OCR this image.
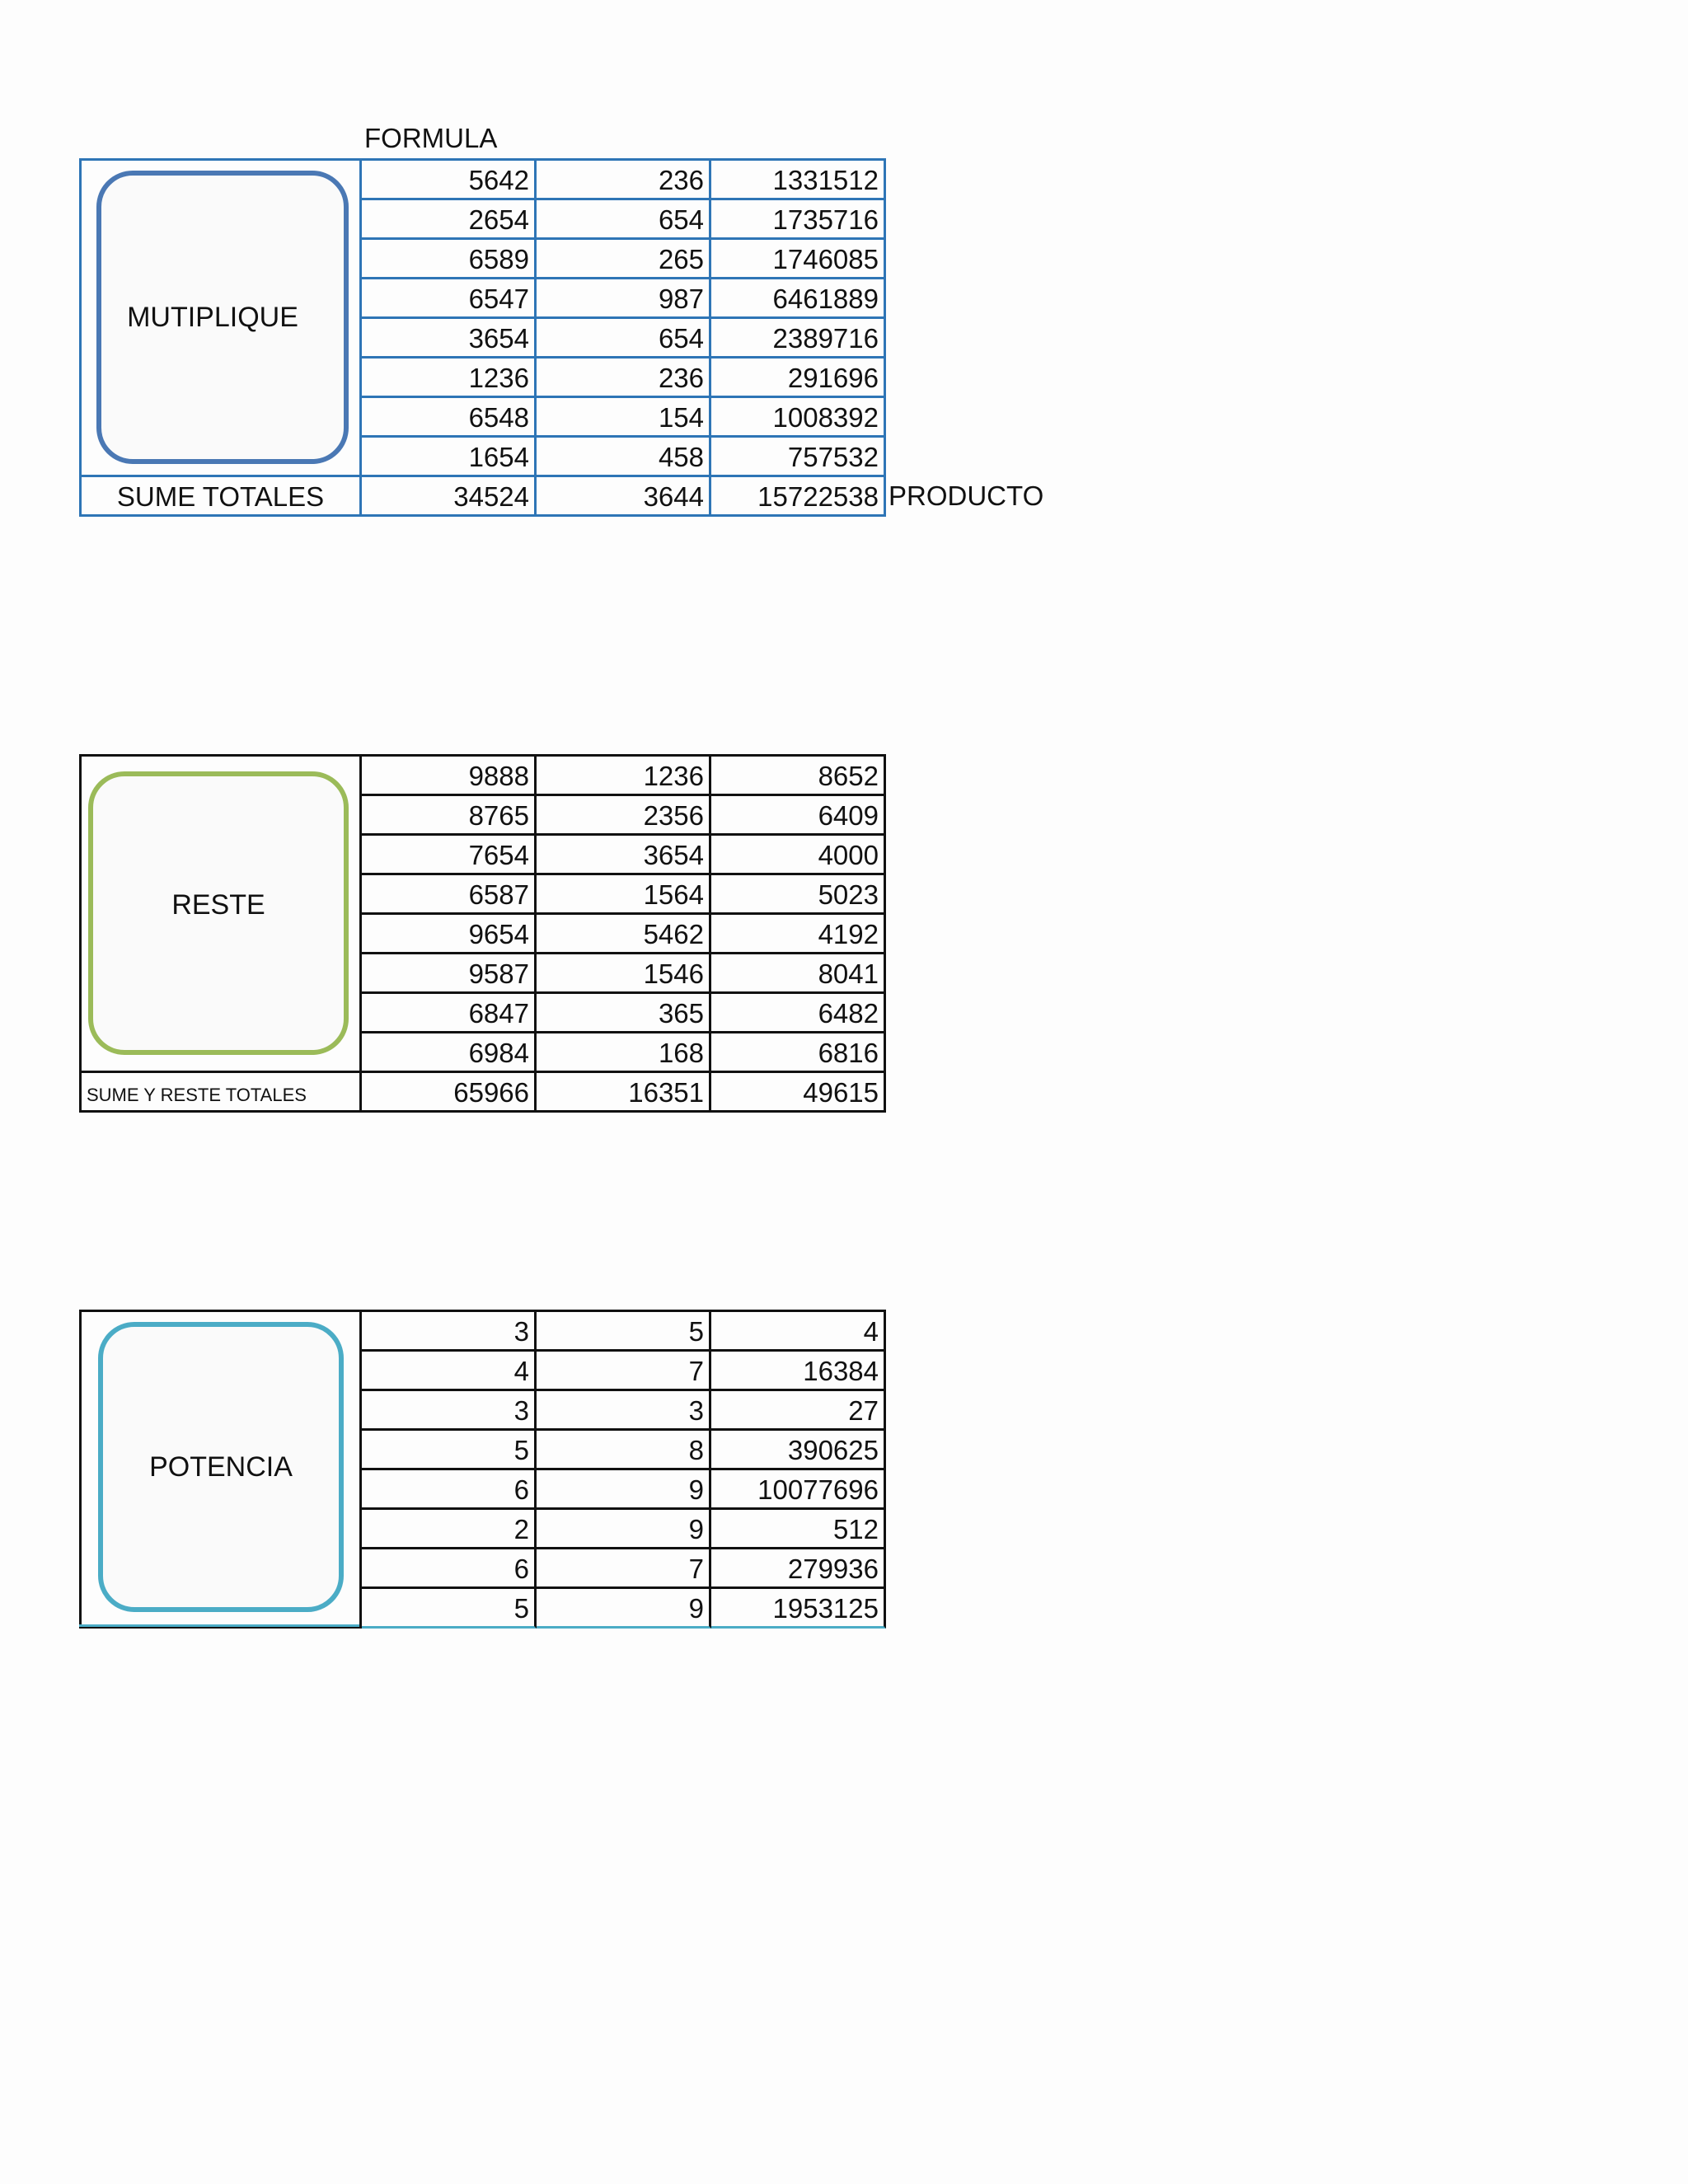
FORMULA
PRODUCTO
MUTIPLIQUE
5642	236	1331512
2654	654	1735716
6589	265	1746085
6547	987	6461889
3654	654	2389716
1236	236	291696
6548	154	1008392
1654	458	757532
SUME TOTALES	34524	3644	15722538
RESTE
9888	1236	8652
8765	2356	6409
7654	3654	4000
6587	1564	5023
9654	5462	4192
9587	1546	8041
6847	365	6482
6984	168	6816
SUME Y RESTE TOTALES	65966	16351	49615
POTENCIA
3	5	4
4	7	16384
3	3	27
5	8	390625
6	9	10077696
2	9	512
6	7	279936
5	9	1953125
